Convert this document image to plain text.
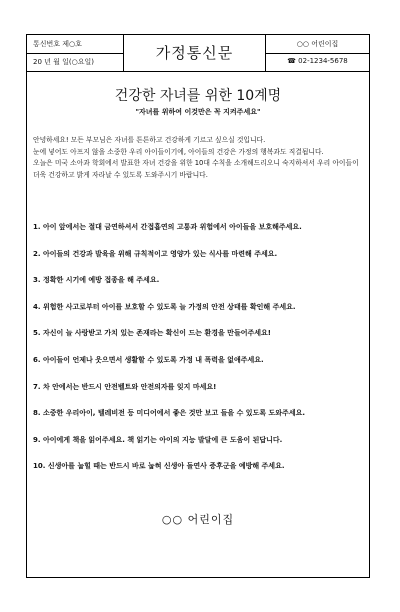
통신번호 제○호
20 년 월 일(○요일)	가정통신문	○○ 어린이집
☎ 02-1234-5678
건강한 자녀를 위한 10계명
"자녀를 위하여 이것만은 꼭 지켜주세요"

안녕하세요! 모든 부모님은 자녀를 튼튼하고 건강하게 기르고 싶으실 것입니다.

눈에 넣어도 아프지 않을 소중한 우리 아이들이기에, 아이들의 건강은 가정의 행복과도 직결됩니다.

오늘은 미국 소아과 학회에서 발표한 자녀 건강을 위한 10대 수칙을 소개해드리오니 숙지하셔서 우리 아이들이 더욱 건강하고 밝게 자라날 수 있도록 도와주시기 바랍니다.

1. 아이 앞에서는 절대 금연하셔서 간접흡연의 고통과 위험에서 아이들을 보호해주세요.
2. 아이들의 건강과 발육을 위해 규칙적이고 영양가 있는 식사를 마련해 주세요.
3. 정확한 시기에 예방 접종을 해 주세요.
4. 위험한 사고로부터 아이를 보호할 수 있도록 늘 가정의 안전 상태를 확인해 주세요.
5. 자신이 늘 사랑받고 가치 있는 존재라는 확신이 드는 환경을 만들어주세요!
6. 아이들이 언제나 웃으면서 생활할 수 있도록 가정 내 폭력을 없애주세요.
7. 차 안에서는 반드시 안전벨트와 안전의자를 잊지 마세요!
8. 소중한 우리아이, 텔레비전 등 미디어에서 좋은 것만 보고 들을 수 있도록 도와주세요.
9. 아이에게 책을 읽어주세요. 책 읽기는 아이의 지능 발달에 큰 도움이 된답니다.
10. 신생아를 눕힐 때는 반드시 바로 눕혀 신생아 돌연사 증후군을 예방해 주세요.
○○ 어린이집
